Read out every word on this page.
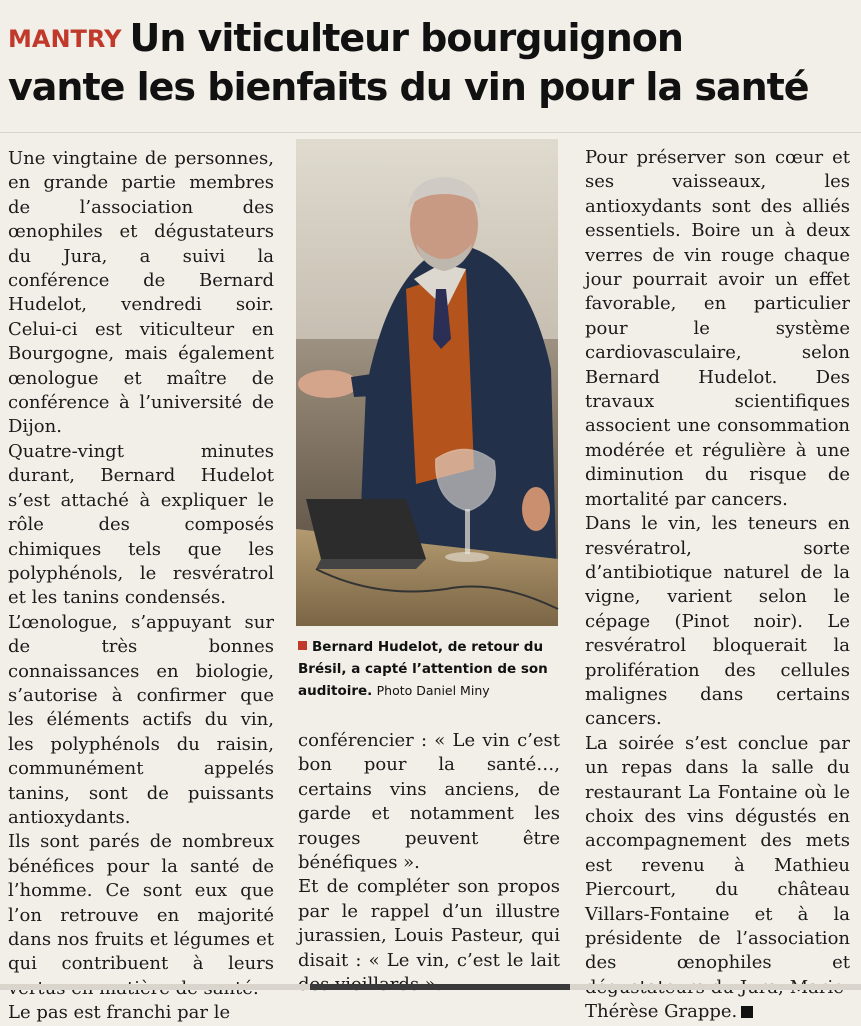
MANTRY Un viticulteur bourguignon
vante les bienfaits du vin pour la santé

Une vingtaine de personnes, en grande partie membres de l’association des œnophiles et dégustateurs du Jura, a suivi la conférence de Bernard Hudelot, vendredi soir. Celui-ci est viticulteur en Bourgogne, mais également œnologue et maître de conférence à l’université de Dijon.

Quatre-vingt minutes durant, Bernard Hudelot s’est attaché à expliquer le rôle des composés chimiques tels que les polyphénols, le resvératrol et les tanins condensés.

L’œnologue, s’appuyant sur de très bonnes connaissances en biologie, s’autorise à confirmer que les éléments actifs du vin, les polyphénols du raisin, communément appelés tanins, sont de puissants antioxydants.

Ils sont parés de nombreux bénéfices pour la santé de l’homme. Ce sont eux que l’on retrouve en majorité dans nos fruits et légumes et qui contribuent à leurs

Le pas est franchi par le

Bernard Hudelot, de retour du Brésil, a capté l’attention de son auditoire. Photo Daniel Miny

conférencier : « Le vin c’est bon pour la santé…, certains vins anciens, de garde et notamment les rouges peuvent être bénéfiques ».

Et de compléter son propos par le rappel d’un illustre jurassien, Louis Pasteur, qui disait : « Le vin, c’est le lait

Pour préserver son cœur et ses vaisseaux, les antioxydants sont des alliés essentiels. Boire un à deux verres de vin rouge chaque jour pourrait avoir un effet favorable, en particulier pour le système cardiovasculaire, selon Bernard Hudelot. Des travaux scientifiques associent une consommation modérée et régulière à une diminution du risque de mortalité par cancers.

Dans le vin, les teneurs en resvératrol, sorte d’antibiotique naturel de la vigne, varient selon le cépage (Pinot noir). Le resvératrol bloquerait la prolifération des cellules malignes dans certains cancers.

La soirée s’est conclue par un repas dans la salle du restaurant La Fontaine où le choix des vins dégustés en accompagnement des mets est revenu à Mathieu Piercourt, du château Villars-Fontaine et à la présidente de l’association des œnophiles et Thérèse Grappe.
